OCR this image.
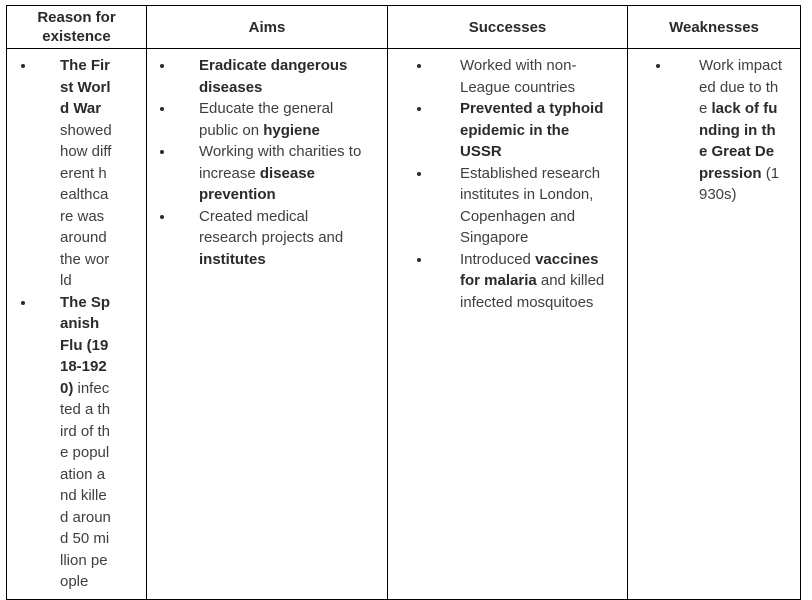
Reason for existence	Aims	Successes	Weaknesses

The First World War showed how different healthcare was around the world
The Spanish Flu (1918-1920) infected a third of the population and killed around 50 million people

Eradicate dangerous diseases
Educate the general public on hygiene
Working with charities to increase disease prevention
Created medical research projects and institutes

Worked with non-League countries
Prevented a typhoid epidemic in the USSR
Established research institutes in London, Copenhagen and Singapore
Introduced vaccines for malaria and killed infected mosquitoes

Work impacted due to the lack of funding in the Great Depression (1930s)
